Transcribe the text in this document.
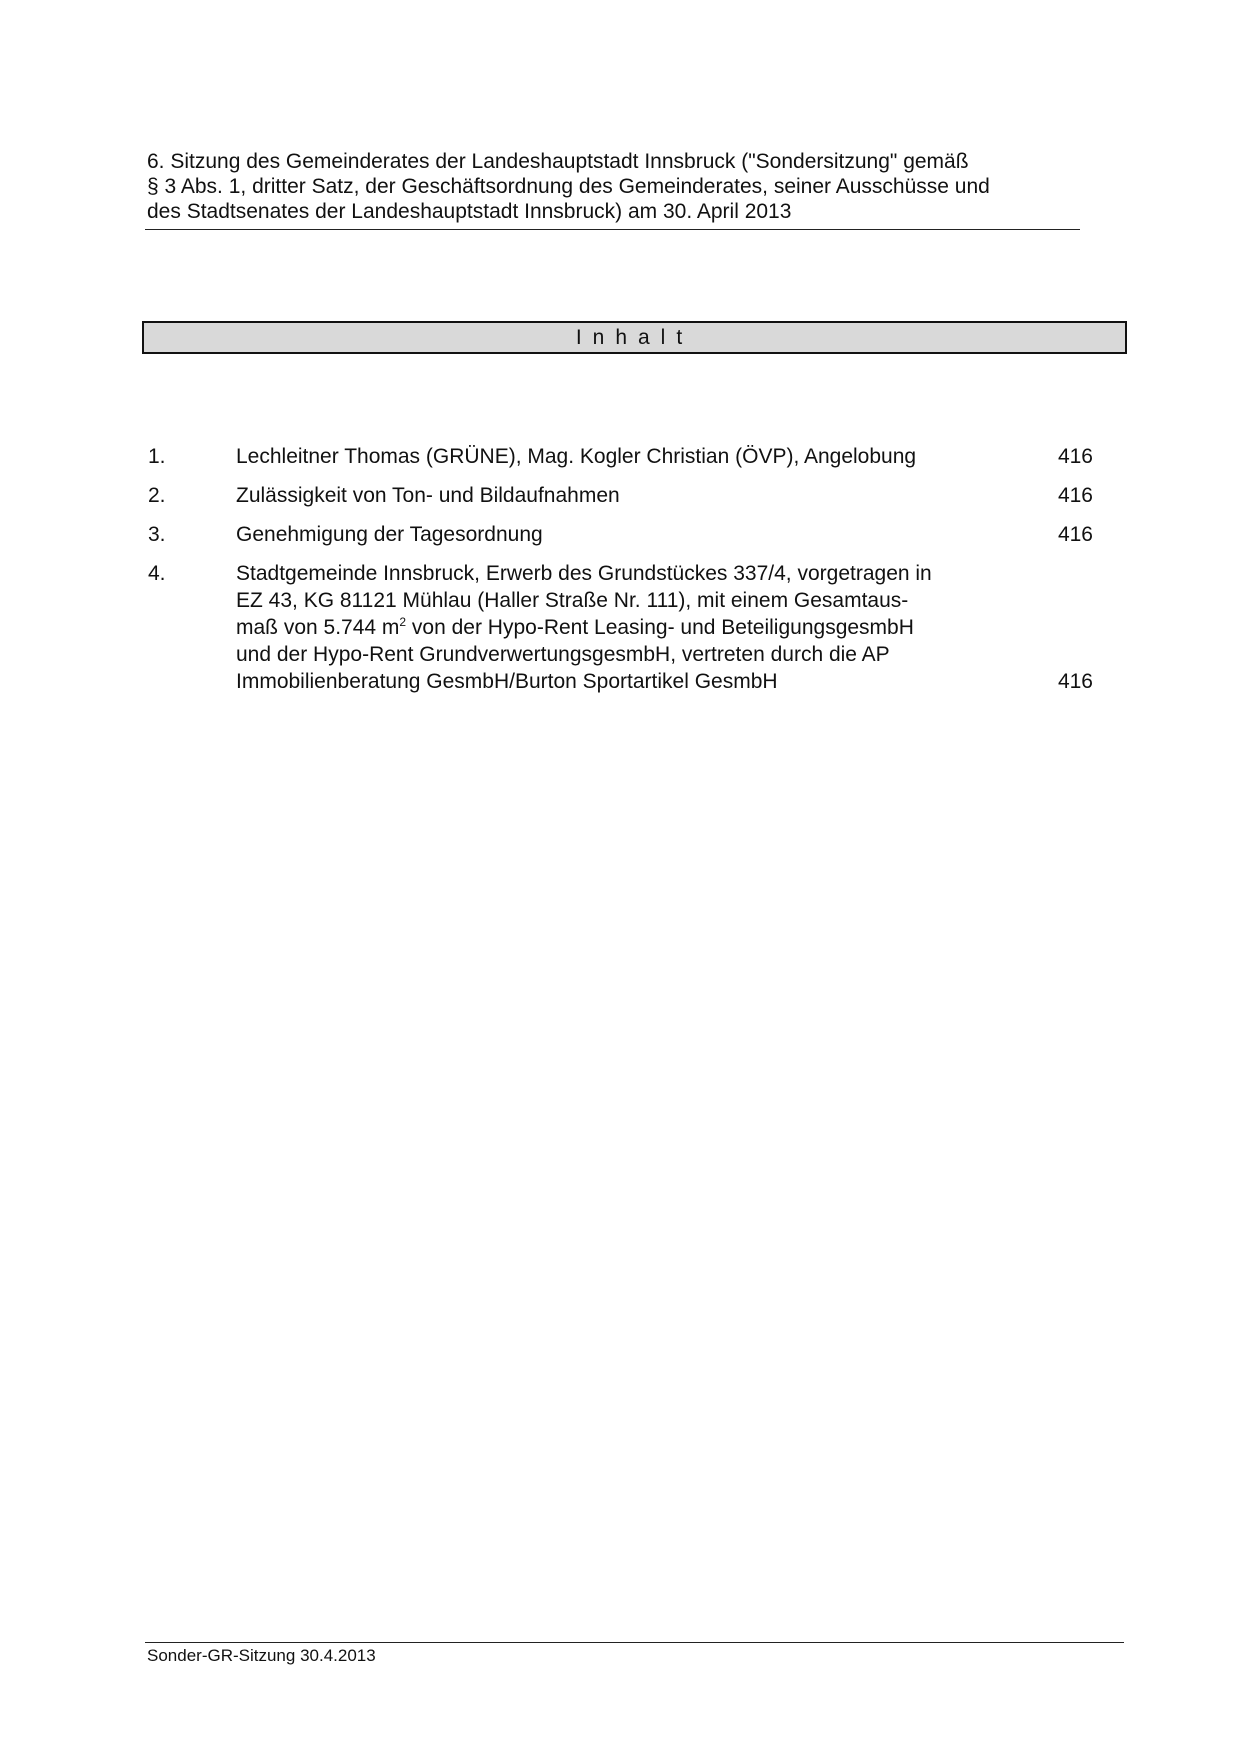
6. Sitzung des Gemeinderates der Landeshauptstadt Innsbruck ("Sondersitzung" gemäß
§ 3 Abs. 1, dritter Satz, der Geschäftsordnung des Gemeinderates, seiner Ausschüsse und
des Stadtsenates der Landeshauptstadt Innsbruck) am 30. April 2013
Inhalt
1.	Lechleitner Thomas (GRÜNE), Mag. Kogler Christian (ÖVP), Angelobung	416
2.	Zulässigkeit von Ton- und Bildaufnahmen	416
3.	Genehmigung der Tagesordnung	416
4.	Stadtgemeinde Innsbruck, Erwerb des Grundstückes 337/4, vorgetragen in
EZ 43, KG 81121 Mühlau (Haller Straße Nr. 111), mit einem Gesamtaus-
maß von 5.744 $m^2$ von der Hypo-Rent Leasing- und BeteiligungsgesmbH
und der Hypo-Rent GrundverwertungsgesmbH, vertreten durch die AP
Immobilienberatung GesmbH/Burton Sportartikel GesmbH	416
Sonder-GR-Sitzung 30.4.2013
